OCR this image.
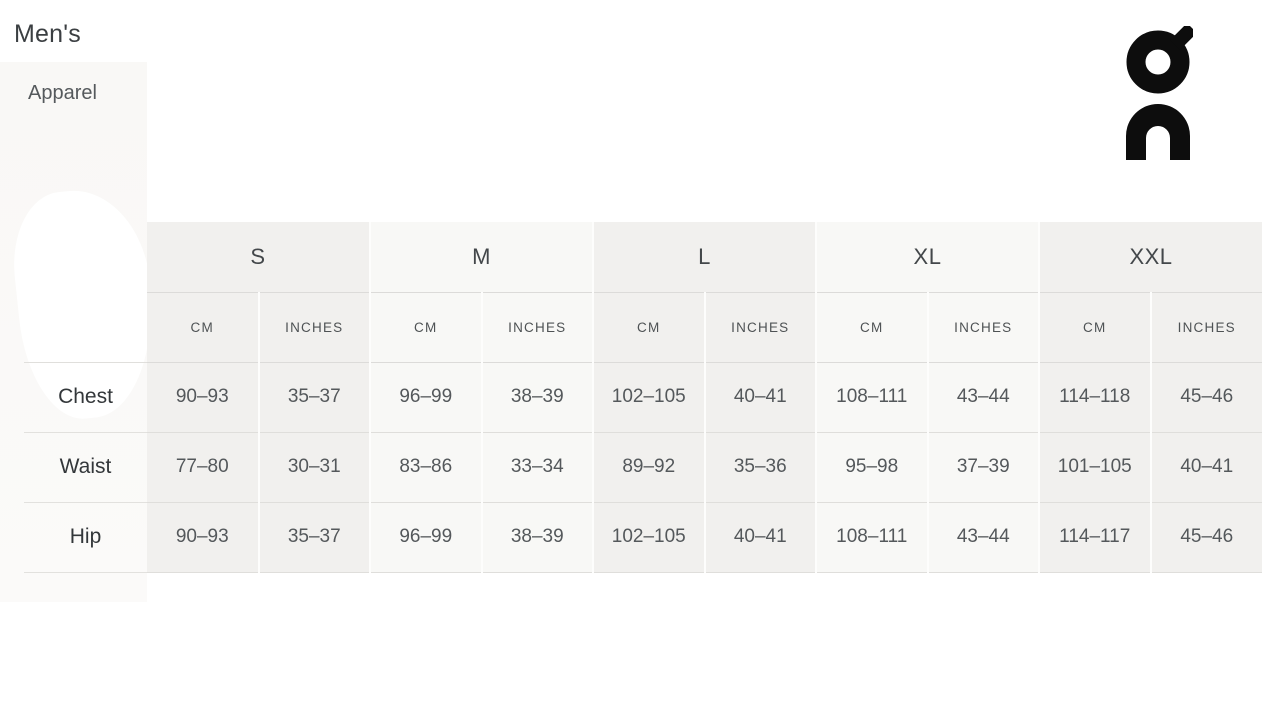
Men's
Apparel
	S		M		L		XL		XXL	
	CM	INCHES	CM	INCHES	CM	INCHES	CM	INCHES	CM	INCHES
Chest	90–93	35–37	96–99	38–39	102–105	40–41	108–111	43–44	114–118	45–46
Waist	77–80	30–31	83–86	33–34	89–92	35–36	95–98	37–39	101–105	40–41
Hip	90–93	35–37	96–99	38–39	102–105	40–41	108–111	43–44	114–117	45–46
